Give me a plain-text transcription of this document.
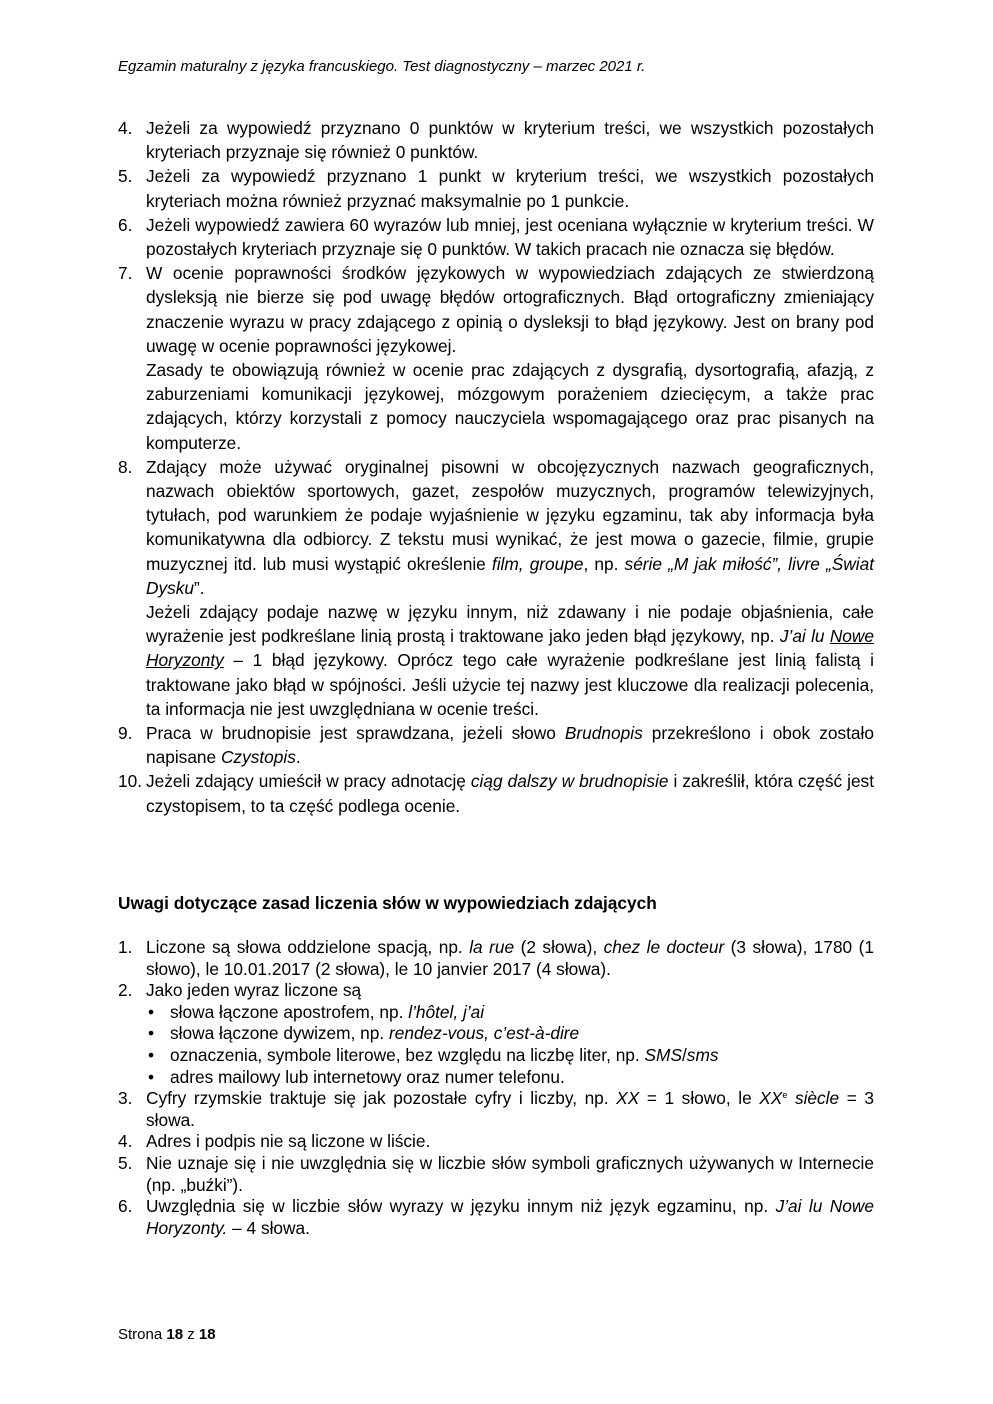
Egzamin maturalny z języka francuskiego. Test diagnostyczny – marzec 2021 r.
4. Jeżeli za wypowiedź przyznano 0 punktów w kryterium treści, we wszystkich pozostałych kryteriach przyznaje się również 0 punktów.
5. Jeżeli za wypowiedź przyznano 1 punkt w kryterium treści, we wszystkich pozostałych kryteriach można również przyznać maksymalnie po 1 punkcie.
6. Jeżeli wypowiedź zawiera 60 wyrazów lub mniej, jest oceniana wyłącznie w kryterium treści. W pozostałych kryteriach przyznaje się 0 punktów. W takich pracach nie oznacza się błędów.
7. W ocenie poprawności środków językowych w wypowiedziach zdających ze stwierdzoną dysleksją nie bierze się pod uwagę błędów ortograficznych. Błąd ortograficzny zmieniający znaczenie wyrazu w pracy zdającego z opinią o dysleksji to błąd językowy. Jest on brany pod uwagę w ocenie poprawności językowej.

Zasady te obowiązują również w ocenie prac zdających z dysgrafią, dysortografią, afazją, z zaburzeniami komunikacji językowej, mózgowym porażeniem dziecięcym, a także prac zdających, którzy korzystali z pomocy nauczyciela wspomagającego oraz prac pisanych na komputerze.

8. Zdający może używać oryginalnej pisowni w obcojęzycznych nazwach geograficznych, nazwach obiektów sportowych, gazet, zespołów muzycznych, programów telewizyjnych, tytułach, pod warunkiem że podaje wyjaśnienie w języku egzaminu, tak aby informacja była komunikatywna dla odbiorcy. Z tekstu musi wynikać, że jest mowa o gazecie, filmie, grupie muzycznej itd. lub musi wystąpić określenie film, groupe, np. série „M jak miłość”, livre „Świat Dysku”.

Jeżeli zdający podaje nazwę w języku innym, niż zdawany i nie podaje objaśnienia, całe wyrażenie jest podkreślane linią prostą i traktowane jako jeden błąd językowy, np. J’ai lu Nowe Horyzonty – 1 błąd językowy. Oprócz tego całe wyrażenie podkreślane jest linią falistą i traktowane jako błąd w spójności. Jeśli użycie tej nazwy jest kluczowe dla realizacji polecenia, ta informacja nie jest uwzględniana w ocenie treści.

9. Praca w brudnopisie jest sprawdzana, jeżeli słowo Brudnopis przekreślono i obok zostało napisane Czystopis.
10. Jeżeli zdający umieścił w pracy adnotację ciąg dalszy w brudnopisie i zakreślił, która część jest czystopisem, to ta część podlega ocenie.
Uwagi dotyczące zasad liczenia słów w wypowiedziach zdających
1. Liczone są słowa oddzielone spacją, np. la rue (2 słowa), chez le docteur (3 słowa), 1780 (1 słowo), le 10.01.2017 (2 słowa), le 10 janvier 2017 (4 słowa).
2. Jako jeden wyraz liczone są
• słowa łączone apostrofem, np. l’hôtel, j’ai
• słowa łączone dywizem, np. rendez-vous, c’est-à-dire
• oznaczenia, symbole literowe, bez względu na liczbę liter, np. SMS/sms
• adres mailowy lub internetowy oraz numer telefonu.
3. Cyfry rzymskie traktuje się jak pozostałe cyfry i liczby, np. XX = 1 słowo, le XXe siècle = 3 słowa.
4. Adres i podpis nie są liczone w liście.
5. Nie uznaje się i nie uwzględnia się w liczbie słów symboli graficznych używanych w Internecie (np. „buźki”).
6. Uwzględnia się w liczbie słów wyrazy w języku innym niż język egzaminu, np. J’ai lu Nowe Horyzonty. – 4 słowa.
Strona 18 z 18
